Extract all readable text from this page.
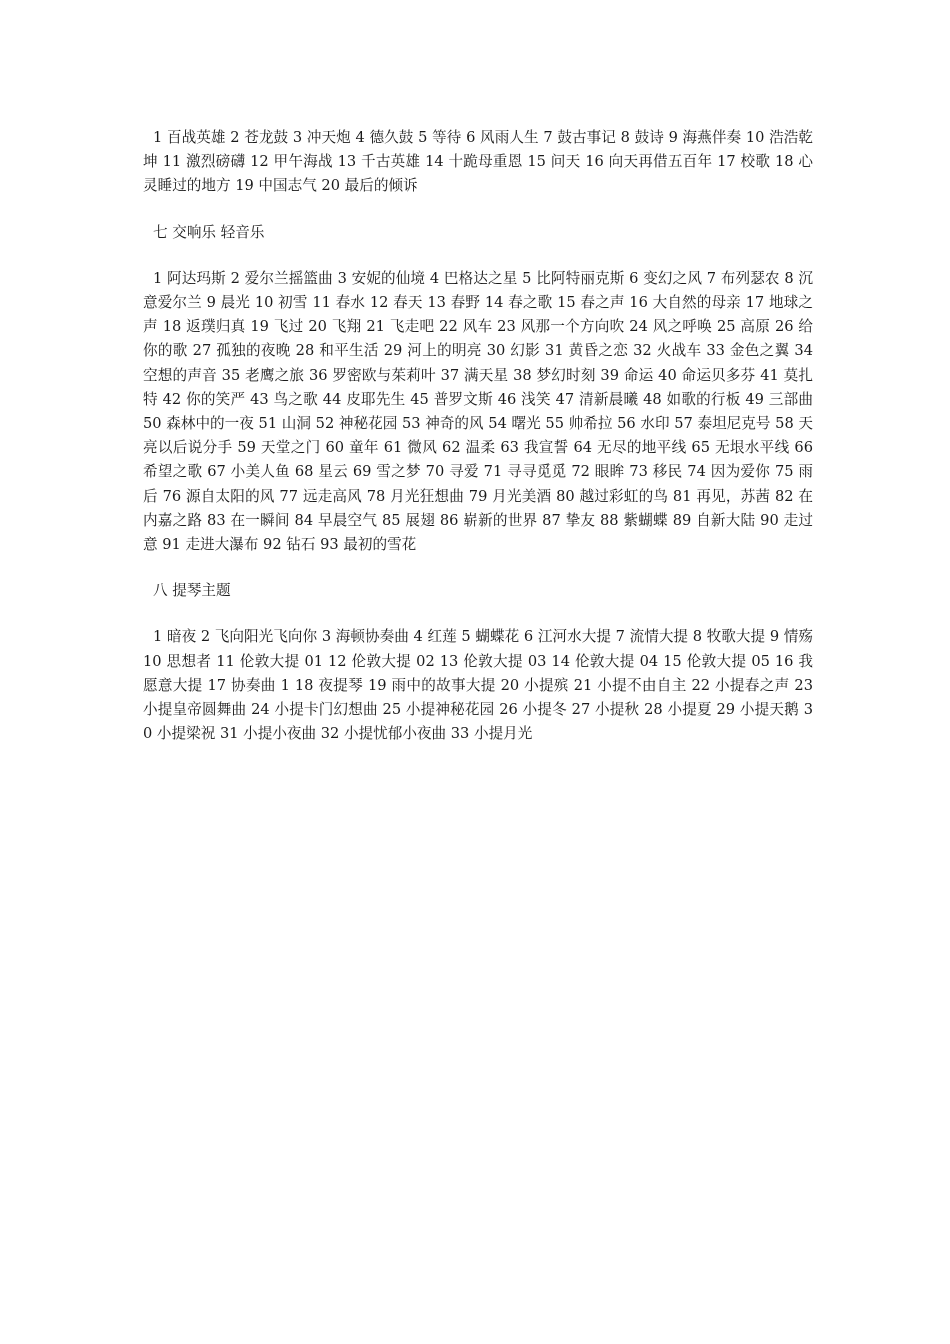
1 百战英雄 2 苍龙鼓 3 冲天炮 4 德久鼓 5 等待 6 风雨人生 7 鼓古事记 8 鼓诗 9 海燕伴奏 10 浩浩乾坤 11 激烈磅礴 12 甲午海战 13 千古英雄 14 十跪母重恩 15 问天 16 向天再借五百年 17 校歌 18 心灵睡过的地方 19 中国志气 20 最后的倾诉

七 交响乐 轻音乐

1 阿达玛斯 2 爱尔兰摇篮曲 3 安妮的仙境 4 巴格达之星 5 比阿特丽克斯 6 变幻之风 7 布列瑟农 8 沉意爱尔兰 9 晨光 10 初雪 11 春水 12 春天 13 春野 14 春之歌 15 春之声 16 大自然的母亲 17 地球之声 18 返璞归真 19 飞过 20 飞翔 21 飞走吧 22 风车 23 风那一个方向吹 24 风之呼唤 25 高原 26 给你的歌 27 孤独的夜晚 28 和平生活 29 河上的明亮 30 幻影 31 黄昏之恋 32 火战车 33 金色之翼 34 空想的声音 35 老鹰之旅 36 罗密欧与茱莉叶 37 满天星 38 梦幻时刻 39 命运 40 命运贝多芬 41 莫扎特 42 你的笑严 43 鸟之歌 44 皮耶先生 45 普罗文斯 46 浅笑 47 清新晨曦 48 如歌的行板 49 三部曲 50 森林中的一夜 51 山洞 52 神秘花园 53 神奇的风 54 曙光 55 帅希拉 56 水印 57 泰坦尼克号 58 天亮以后说分手 59 天堂之门 60 童年 61 微风 62 温柔 63 我宣誓 64 无尽的地平线 65 无垠水平线 66 希望之歌 67 小美人鱼 68 星云 69 雪之梦 70 寻爱 71 寻寻觅觅 72 眼眸 73 移民 74 因为爱你 75 雨后 76 源自太阳的风 77 远走高风 78 月光狂想曲 79 月光美酒 80 越过彩虹的鸟 81 再见，苏茜 82 在内嘉之路 83 在一瞬间 84 早晨空气 85 展翅 86 崭新的世界 87 挚友 88 紫蝴蝶 89 自新大陆 90 走过意 91 走进大瀑布 92 钻石 93 最初的雪花

八 提琴主题

1 暗夜 2 飞向阳光飞向你 3 海顿协奏曲 4 红莲 5 蝴蝶花 6 江河水大提 7 流情大提 8 牧歌大提 9 情殇 10 思想者 11 伦敦大提 01 12 伦敦大提 02 13 伦敦大提 03 14 伦敦大提 04 15 伦敦大提 05 16 我愿意大提 17 协奏曲 1 18 夜提琴 19 雨中的故事大提 20 小提殡 21 小提不由自主 22 小提春之声 23 小提皇帝圆舞曲 24 小提卡门幻想曲 25 小提神秘花园 26 小提冬 27 小提秋 28 小提夏 29 小提天鹅 30 小提梁祝 31 小提小夜曲 32 小提忧郁小夜曲 33 小提月光
